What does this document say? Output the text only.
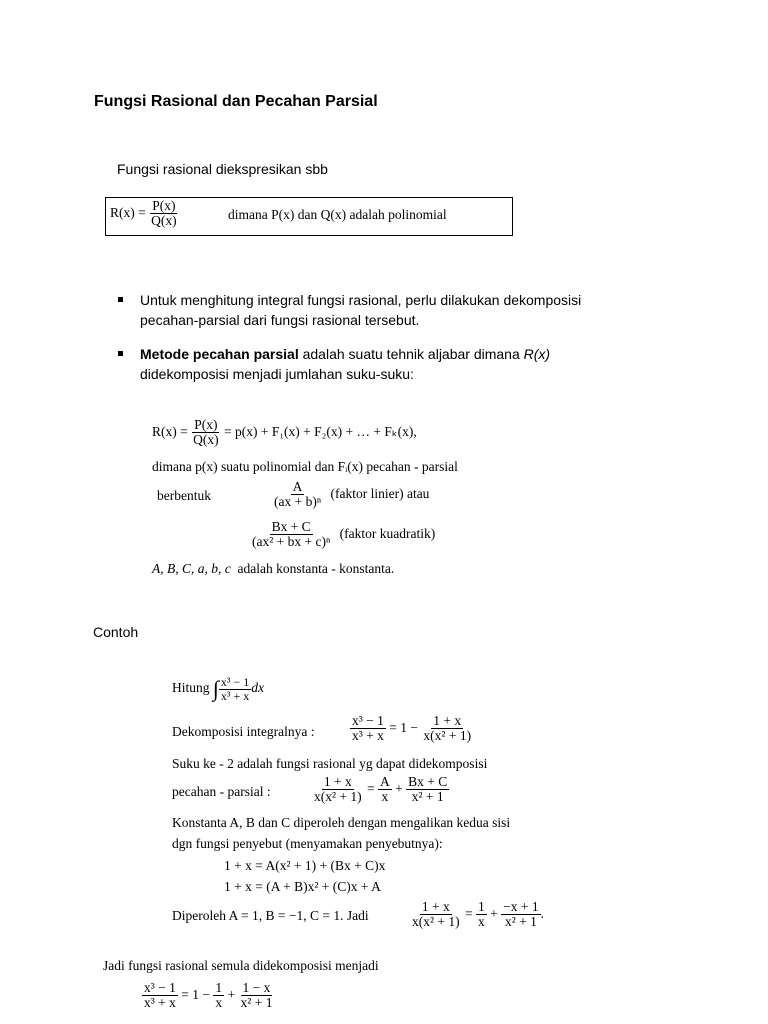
Fungsi Rasional dan Pecahan Parsial
Fungsi rasional diekspresikan sbb
$R(x) = \frac{P(x)}{Q(x)}$	dimana P(x) dan Q(x) adalah polinomial
Untuk menghitung integral fungsi rasional, perlu dilakukan dekomposisi
pecahan-parsial dari fungsi rasional tersebut.
Metode pecahan parsial adalah suatu tehnik aljabar dimana R(x)
didekomposisi menjadi jumlahan suku-suku:
$R(x) = \frac{P(x)}{Q(x)} = p(x) + F_1(x) + F_2(x)$ + … + Fₖ(x),
dimana p(x) suatu polinomial dan Fᵢ(x) pecahan - parsial
berbentuk	$\frac{A}{\text{(ax + b)ⁿ}}$ (faktor linier) atau
$\frac{Bx + C}{\text{(ax² + bx + c)ⁿ}}$ (faktor kuadratik)
A, B, C, a, b, c adalah konstanta - konstanta.
Contoh
Hitung ∫ $\frac{\text{x³ − 1}}{\text{x³ + x}}$ dx
Dekomposisi integralnya :	$\frac{\text{x³ − 1}}{\text{x³ + x}} = 1 - \frac{1 + x}{\text{x(x² + 1)}}$
Suku ke - 2 adalah fungsi rasional yg dapat didekomposisi
pecahan - parsial :	$\frac{1 + x}{\text{x(x² + 1)}} = \frac{A}{x} + \frac{Bx + C}{\text{x² + 1}}$
Konstanta A, B dan C diperoleh dengan mengalikan kedua sisi
dgn fungsi penyebut (menyamakan penyebutnya):
1 + x = A(x² + 1) + (Bx + C)x
1 + x = (A + B)x² + (C)x + A
Diperoleh A = 1, B = −1, C = 1. Jadi	$\frac{1 + x}{\text{x(x² + 1)}} = \frac{1}{x} + \frac{-x + 1}{\text{x² + 1}}$ .
Jadi fungsi rasional semula didekomposisi menjadi
$\frac{\text{x³ − 1}}{\text{x³ + x}} = 1 - \frac{1}{x} + \frac{1 - x}{\text{x² + 1}}$
